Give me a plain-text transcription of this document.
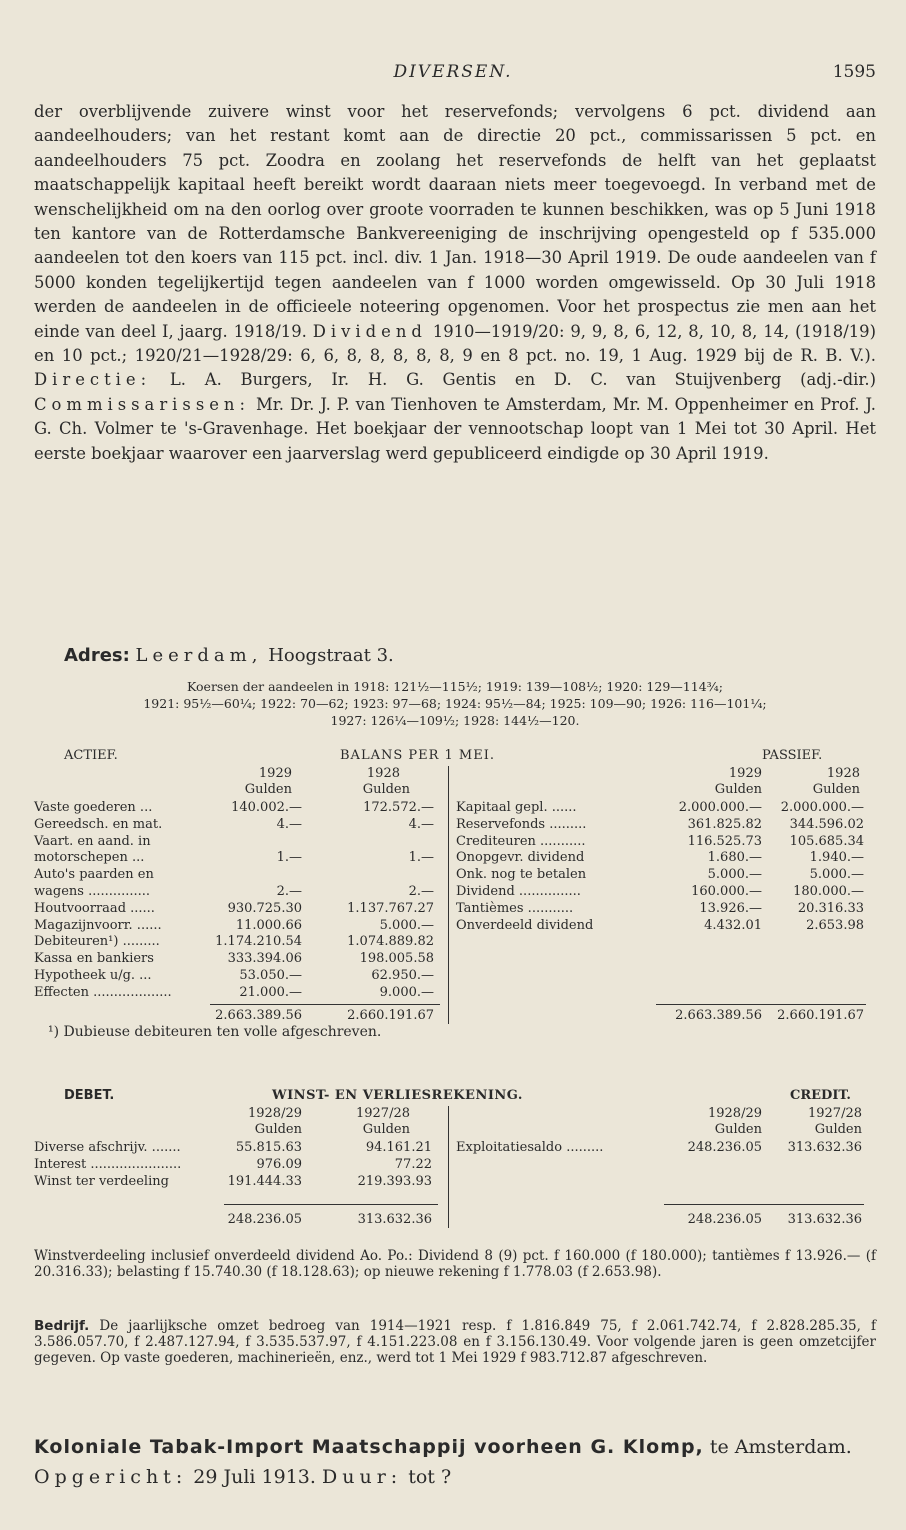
DIVERSEN.	1595

der overblijvende zuivere winst voor het reservefonds; vervolgens 6 pct. dividend aan aandeelhouders; van het restant komt aan de directie 20 pct., commissarissen 5 pct. en aandeelhouders 75 pct. Zoodra en zoolang het reservefonds de helft van het geplaatst maatschappelijk kapitaal heeft bereikt wordt daaraan niets meer toegevoegd. In verband met de wenschelijkheid om na den oorlog over groote voorraden te kunnen beschikken, was op 5 Juni 1918 ten kantore van de Rotterdamsche Bankvereeniging de inschrijving opengesteld op f 535.000 aandeelen tot den koers van 115 pct. incl. div. 1 Jan. 1918—30 April 1919. De oude aandeelen van f 5000 konden tegelijkertijd tegen aandeelen van f 1000 worden omgewisseld. Op 30 Juli 1918 werden de aandeelen in de officieele noteering opgenomen. Voor het prospectus zie men aan het einde van deel I, jaarg. 1918/19. Dividend 1910—1919/20: 9, 9, 8, 6, 12, 8, 10, 8, 14, (1918/19) en 10 pct.; 1920/21—1928/29: 6, 6, 8, 8, 8, 8, 8, 9 en 8 pct. no. 19, 1 Aug. 1929 bij de R. B. V.). Directie: L. A. Burgers, Ir. H. G. Gentis en D. C. van Stuijvenberg (adj.-dir.) Commissarissen: Mr. Dr. J. P. van Tienhoven te Amsterdam, Mr. M. Oppenheimer en Prof. J. G. Ch. Volmer te 's-Gravenhage. Het boekjaar der vennootschap loopt van 1 Mei tot 30 April. Het eerste boekjaar waarover een jaarverslag werd gepubliceerd eindigde op 30 April 1919.

Adres: Leerdam, Hoogstraat 3.
Koersen der aandeelen in 1918: 121½—115½; 1919: 139—108½; 1920: 129—114¾;
1921: 95½—60¼; 1922: 70—62; 1923: 97—68; 1924: 95½—84; 1925: 109—90; 1926: 116—101¼;
1927: 126¼—109½; 1928: 144½—120.
ACTIEF.	BALANS PER 1 MEI.	PASSIEF.
1929	1928	1929	1928
Gulden	Gulden	Gulden	Gulden
Vaste goederen ...	140.002.—	172.572.—
Gereedsch. en mat.	4.—	4.—
Vaart. en aand. in
motorschepen ...	1.—	1.—
Auto's paarden en
wagens ...............	2.—	2.—
Houtvoorraad ......	930.725.30	1.137.767.27
Magazijnvoorr. ......	11.000.66	5.000.—
Debiteuren¹) .........	1.174.210.54	1.074.889.82
Kassa en bankiers	333.394.06	198.005.58
Hypotheek u/g. ...	53.050.—	62.950.—
Effecten ...................	21.000.—	9.000.—
Kapitaal gepl. ......	2.000.000.—	2.000.000.—
Reservefonds .........	361.825.82	344.596.02
Crediteuren ...........	116.525.73	105.685.34
Onopgevr. dividend	1.680.—	1.940.—
Onk. nog te betalen	5.000.—	5.000.—
Dividend ...............	160.000.—	180.000.—
Tantièmes ...........	13.926.—	20.316.33
Onverdeeld dividend	4.432.01	2.653.98
2.663.389.56	2.660.191.67	2.663.389.56	2.660.191.67
¹) Dubieuse debiteuren ten volle afgeschreven.
DEBET.	WINST- EN VERLIESREKENING.	CREDIT.
1928/29	1927/28	1928/29	1927/28
Gulden	Gulden	Gulden	Gulden
Diverse afschrijv. .......	55.815.63	94.161.21
Interest ......................	976.09	77.22
Winst ter verdeeling	191.444.33	219.393.93
Exploitatiesaldo .........	248.236.05	313.632.36
248.236.05	313.632.36	248.236.05	313.632.36
Winstverdeeling inclusief onverdeeld dividend Ao. Po.: Dividend 8 (9) pct. f 160.000 (f 180.000); tantièmes f 13.926.— (f 20.316.33); belasting f 15.740.30 (f 18.128.63); op nieuwe rekening f 1.778.03 (f 2.653.98).
Bedrijf. De jaarlijksche omzet bedroeg van 1914—1921 resp. f 1.816.849 75, f 2.061.742.74, f 2.828.285.35, f 3.586.057.70, f 2.487.127.94, f 3.535.537.97, f 4.151.223.08 en f 3.156.130.49. Voor volgende jaren is geen omzetcijfer gegeven. Op vaste goederen, machinerieën, enz., werd tot 1 Mei 1929 f 983.712.87 afgeschreven.
Koloniale Tabak-Import Maatschappij voorheen G. Klomp, te Amsterdam. Opgericht: 29 Juli 1913. Duur: tot ?
